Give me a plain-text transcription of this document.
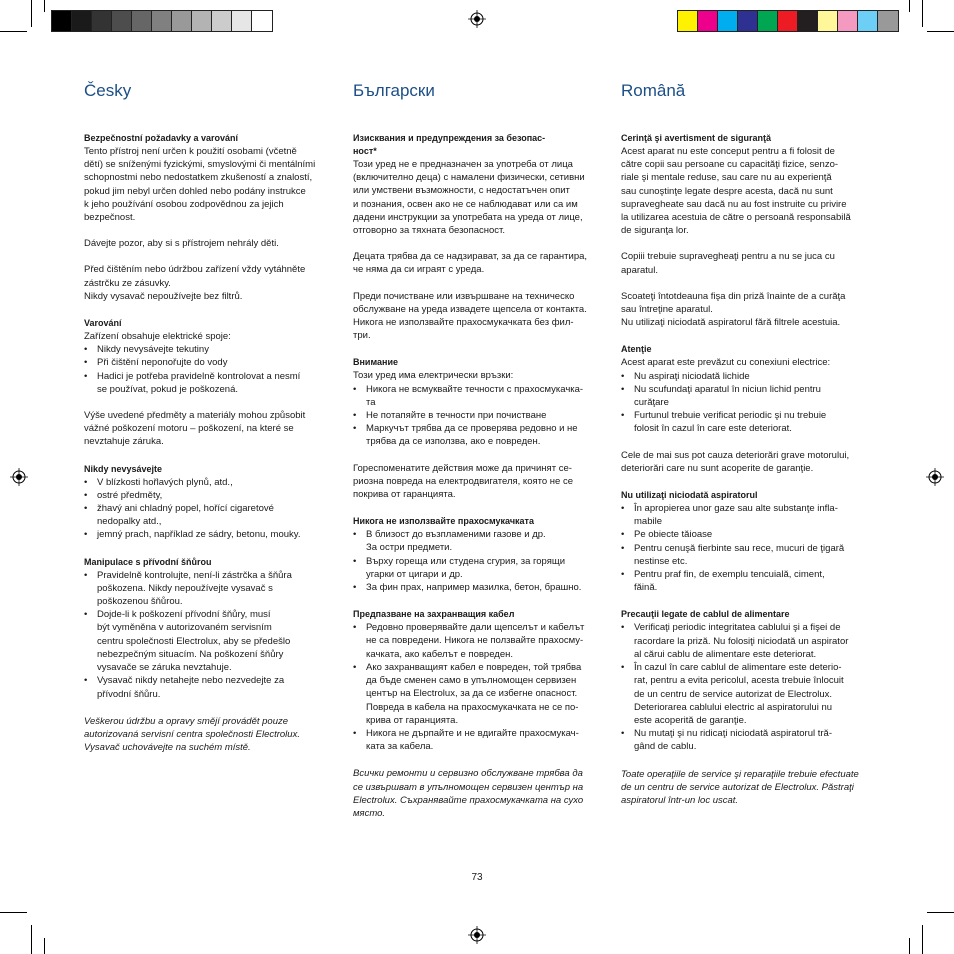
Česky

Bezpečnostní požadavky a varování

Tento přístroj není určen k použití osobami (včetně
dětí) se sníženými fyzickými, smyslovými či mentálními
schopnostmi nebo nedostatkem zkušeností a znalostí,
pokud jim nebyl určen dohled nebo podány instrukce
k jeho používání osobou zodpovědnou za jejich
bezpečnost.

Dávejte pozor, aby si s přístrojem nehrály děti.

Před čištěním nebo údržbou zařízení vždy vytáhněte
zástrčku ze zásuvky.
Nikdy vysavač nepoužívejte bez filtrů.

Varování

Zařízení obsahuje elektrické spoje:

• Nikdy nevysávejte tekutiny
• Při čištění neponořujte do vody
• Hadici je potřeba pravidelně kontrolovat a nesmí
se používat, pokud je poškozená.

Výše uvedené předměty a materiály mohou způsobit
vážné poškození motoru – poškození, na které se
nevztahuje záruka.

Nikdy nevysávejte

• V blízkosti hořlavých plynů, atd.,
• ostré předměty,
• žhavý ani chladný popel, hořící cigaretové
nedopalky atd.,
• jemný prach, například ze sádry, betonu, mouky.

Manipulace s přívodní šňůrou

• Pravidelně kontrolujte, není-li zástrčka a šňůra
poškozena. Nikdy nepoužívejte vysavač s
poškozenou šňůrou.
• Dojde-li k poškození přívodní šňůry, musí
být vyměněna v autorizovaném servisním
centru společnosti Electrolux, aby se předešlo
nebezpečným situacím. Na poškození šňůry
vysavače se záruka nevztahuje.
• Vysavač nikdy netahejte nebo nezvedejte za
přívodní šňůru.

Veškerou údržbu a opravy smějí provádět pouze
autorizovaná servisní centra společnosti Electrolux.
Vysavač uchovávejte na suchém místě.

Български

Изисквания и предупреждения за безопас-
ност*

Този уред не е предназначен за употреба от лица
(включително деца) с намалени физически, сетивни
или умствени възможности, с недостатъчен опит
и познания, освен ако не се наблюдават или са им
дадени инструкции за употребата на уреда от лице,
отговорно за тяхната безопасност.

Децата трябва да се надзирават, за да се гарантира,
че няма да си играят с уреда.

Преди почистване или извършване на техническо
обслужване на уреда извадете щепсела от контакта.
Никога не използвайте прахосмукачката без фил-
три.

Внимание

Този уред има електрически връзки:

• Никога не всмуквайте течности с прахосмукачка-
та
• Не потапяйте в течности при почистване
• Маркучът трябва да се проверява редовно и не
трябва да се използва, ако е повреден.

Гореспоменатите действия може да причинят се-
риозна повреда на електродвигателя, която не се
покрива от гаранцията.

Никога не използвайте прахосмукачката

• В близост до възпламеними газове и др.
За остри предмети.
• Върху гореща или студена сгурия, за горящи
угарки от цигари и др.
• За фин прах, например мазилка, бетон, брашно.

Предпазване на захранващия кабел

• Редовно проверявайте дали щепселът и кабелът
не са повредени. Никога не ползвайте прахосму-
качката, ако кабелът е повреден.
• Ако захранващият кабел е повреден, той трябва
да бъде сменен само в упълномощен сервизен
център на Electrolux, за да се избегне опасност.
Повреда в кабела на прахосмукачката не се по-
крива от гаранцията.
• Никога не дърпайте и не вдигайте прахосмукач-
ката за кабела.

Всички ремонти и сервизно обслужване трябва да
се извършват в упълномощен сервизен център на
Electrolux. Съхранявайте прахосмукачката на сухо
място.

Română

Cerinţă şi avertisment de siguranţă

Acest aparat nu este conceput pentru a fi folosit de
către copii sau persoane cu capacităţi fizice, senzo-
riale şi mentale reduse, sau care nu au experienţă
sau cunoştinţe legate despre acesta, dacă nu sunt
supravegheate sau dacă nu au fost instruite cu privire
la utilizarea acestuia de către o persoană responsabilă
de siguranţa lor.

Copiii trebuie supravegheaţi pentru a nu se juca cu
aparatul.

Scoateţi întotdeauna fişa din priză înainte de a curăţa
sau întreţine aparatul.
Nu utilizaţi niciodată aspiratorul fără filtrele acestuia.

Atenţie

Acest aparat este prevăzut cu conexiuni electrice:

• Nu aspiraţi niciodată lichide
• Nu scufundaţi aparatul în niciun lichid pentru
curăţare
• Furtunul trebuie verificat periodic şi nu trebuie
folosit în cazul în care este deteriorat.

Cele de mai sus pot cauza deteriorări grave motorului,
deteriorări care nu sunt acoperite de garanţie.

Nu utilizaţi niciodată aspiratorul

• În apropierea unor gaze sau alte substanţe infla-
mabile
• Pe obiecte tăioase
• Pentru cenuşă fierbinte sau rece, mucuri de ţigară
nestinse etc.
• Pentru praf fin, de exemplu tencuială, ciment,
făină.

Precauţii legate de cablul de alimentare

• Verificaţi periodic integritatea cablului şi a fişei de
racordare la priză. Nu folosiţi niciodată un aspirator
al cărui cablu de alimentare este deteriorat.
• În cazul în care cablul de alimentare este deterio-
rat, pentru a evita pericolul, acesta trebuie înlocuit
de un centru de service autorizat de Electrolux.
Deteriorarea cablului electric al aspiratorului nu
este acoperită de garanţie.
• Nu mutaţi şi nu ridicaţi niciodată aspiratorul tră-
gând de cablu.

Toate operaţiile de service şi reparaţiile trebuie efectuate
de un centru de service autorizat de Electrolux. Păstraţi
aspiratorul într-un loc uscat.

73
